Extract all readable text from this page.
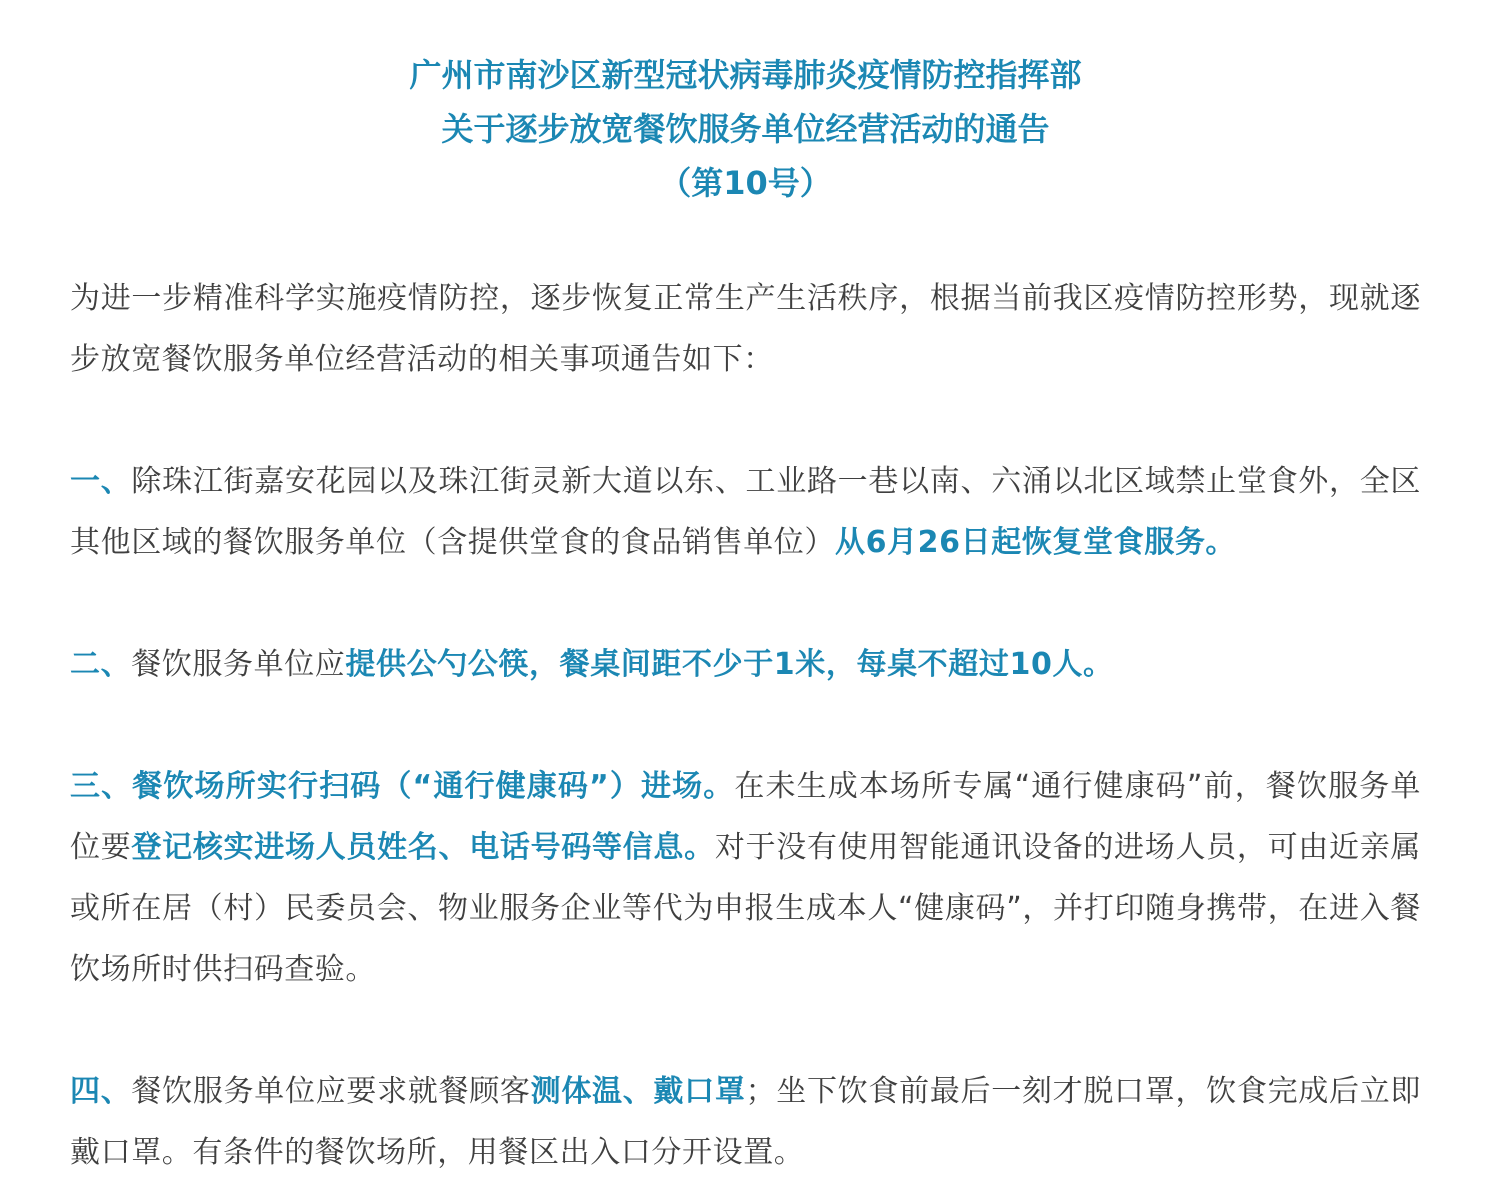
广州市南沙区新型冠状病毒肺炎疫情防控指挥部
关于逐步放宽餐饮服务单位经营活动的通告
（第10号）

为进一步精准科学实施疫情防控，逐步恢复正常生产生活秩序，根据当前我区疫情防控形势，现就逐步放宽餐饮服务单位经营活动的相关事项通告如下：

一、除珠江街嘉安花园以及珠江街灵新大道以东、工业路一巷以南、六涌以北区域禁止堂食外，全区其他区域的餐饮服务单位（含提供堂食的食品销售单位）从6月26日起恢复堂食服务。

二、餐饮服务单位应提供公勺公筷，餐桌间距不少于1米，每桌不超过10人。

三、餐饮场所实行扫码（“通行健康码”）进场。在未生成本场所专属“通行健康码”前，餐饮服务单位要登记核实进场人员姓名、电话号码等信息。对于没有使用智能通讯设备的进场人员，可由近亲属或所在居（村）民委员会、物业服务企业等代为申报生成本人“健康码”，并打印随身携带，在进入餐饮场所时供扫码查验。

四、餐饮服务单位应要求就餐顾客测体温、戴口罩；坐下饮食前最后一刻才脱口罩，饮食完成后立即戴口罩。有条件的餐饮场所，用餐区出入口分开设置。
